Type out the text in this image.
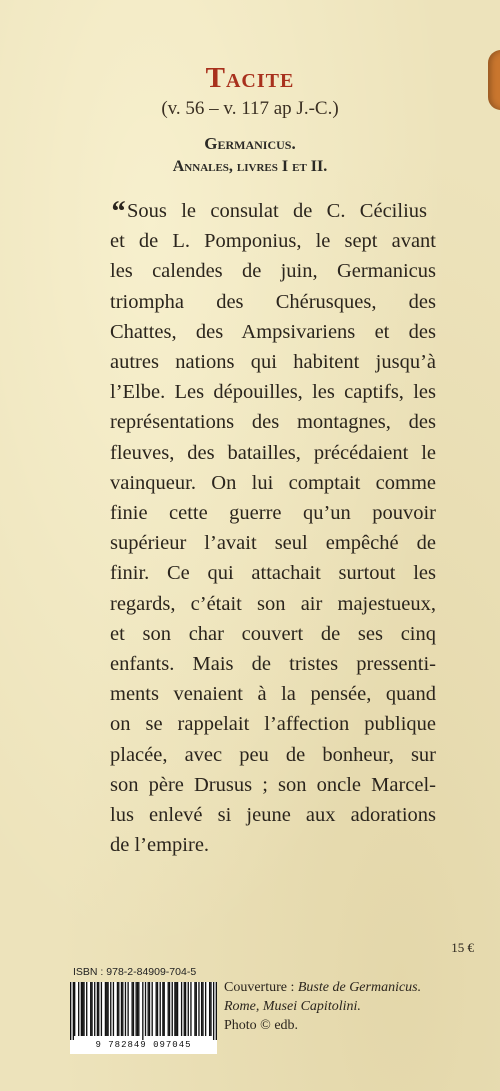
Tacite
(v. 56 – v. 117 ap J.-C.)
Germanicus.
Annales, livres I et II.
“Sous le consulat de C. Cécilius
et de L. Pomponius, le sept avant
les calendes de juin, Germanicus
triompha des Chérusques, des
Chattes, des Ampsivariens et des
autres nations qui habitent jusqu’à
l’Elbe. Les dépouilles, les captifs, les
représentations des montagnes, des
fleuves, des batailles, précédaient le
vainqueur. On lui comptait comme
finie cette guerre qu’un pouvoir
supérieur l’avait seul empêché de
finir. Ce qui attachait surtout les
regards, c’était son air majestueux,
et son char couvert de ses cinq
enfants. Mais de tristes pressenti-
ments venaient à la pensée, quand
on se rappelait l’affection publique
placée, avec peu de bonheur, sur
son père Drusus ; son oncle Marcel-
lus enlevé si jeune aux adorations
de l’empire.
15 €
ISBN : 978-2-84909-704-5
9 782849 097045
Couverture : Buste de Germanicus.
Rome, Musei Capitolini.
Photo © edb.
